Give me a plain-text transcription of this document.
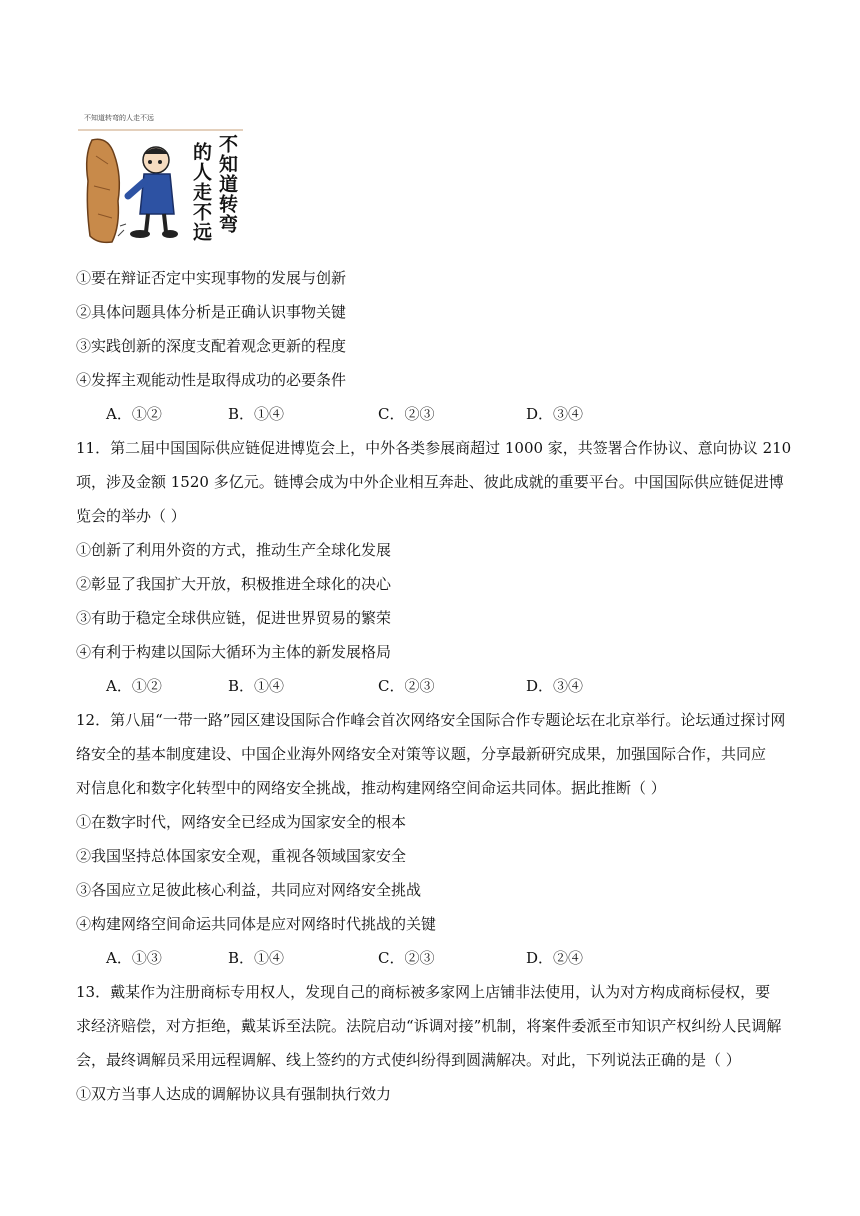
不知道转弯的人走不远
不知道转弯
的人走不远
①要在辩证否定中实现事物的发展与创新
②具体问题具体分析是正确认识事物关键
③实践创新的深度支配着观念更新的程度
④发挥主观能动性是取得成功的必要条件
A．①②	B．①④	C．②③	D．③④
11．第二届中国国际供应链促进博览会上，中外各类参展商超过 1000 家，共签署合作协议、意向协议 210
项，涉及金额 1520 多亿元。链博会成为中外企业相互奔赴、彼此成就的重要平台。中国国际供应链促进博
览会的举办（ ）
①创新了利用外资的方式，推动生产全球化发展
②彰显了我国扩大开放，积极推进全球化的决心
③有助于稳定全球供应链，促进世界贸易的繁荣
④有利于构建以国际大循环为主体的新发展格局
A．①②	B．①④	C．②③	D．③④
12．第八届“一带一路”园区建设国际合作峰会首次网络安全国际合作专题论坛在北京举行。论坛通过探讨网
络安全的基本制度建设、中国企业海外网络安全对策等议题，分享最新研究成果，加强国际合作，共同应
对信息化和数字化转型中的网络安全挑战，推动构建网络空间命运共同体。据此推断（ ）
①在数字时代，网络安全已经成为国家安全的根本
②我国坚持总体国家安全观，重视各领域国家安全
③各国应立足彼此核心利益，共同应对网络安全挑战
④构建网络空间命运共同体是应对网络时代挑战的关键
A．①③	B．①④	C．②③	D．②④
13．戴某作为注册商标专用权人，发现自己的商标被多家网上店铺非法使用，认为对方构成商标侵权，要
求经济赔偿，对方拒绝，戴某诉至法院。法院启动“诉调对接”机制，将案件委派至市知识产权纠纷人民调解
会，最终调解员采用远程调解、线上签约的方式使纠纷得到圆满解决。对此，下列说法正确的是（ ）
①双方当事人达成的调解协议具有强制执行效力
